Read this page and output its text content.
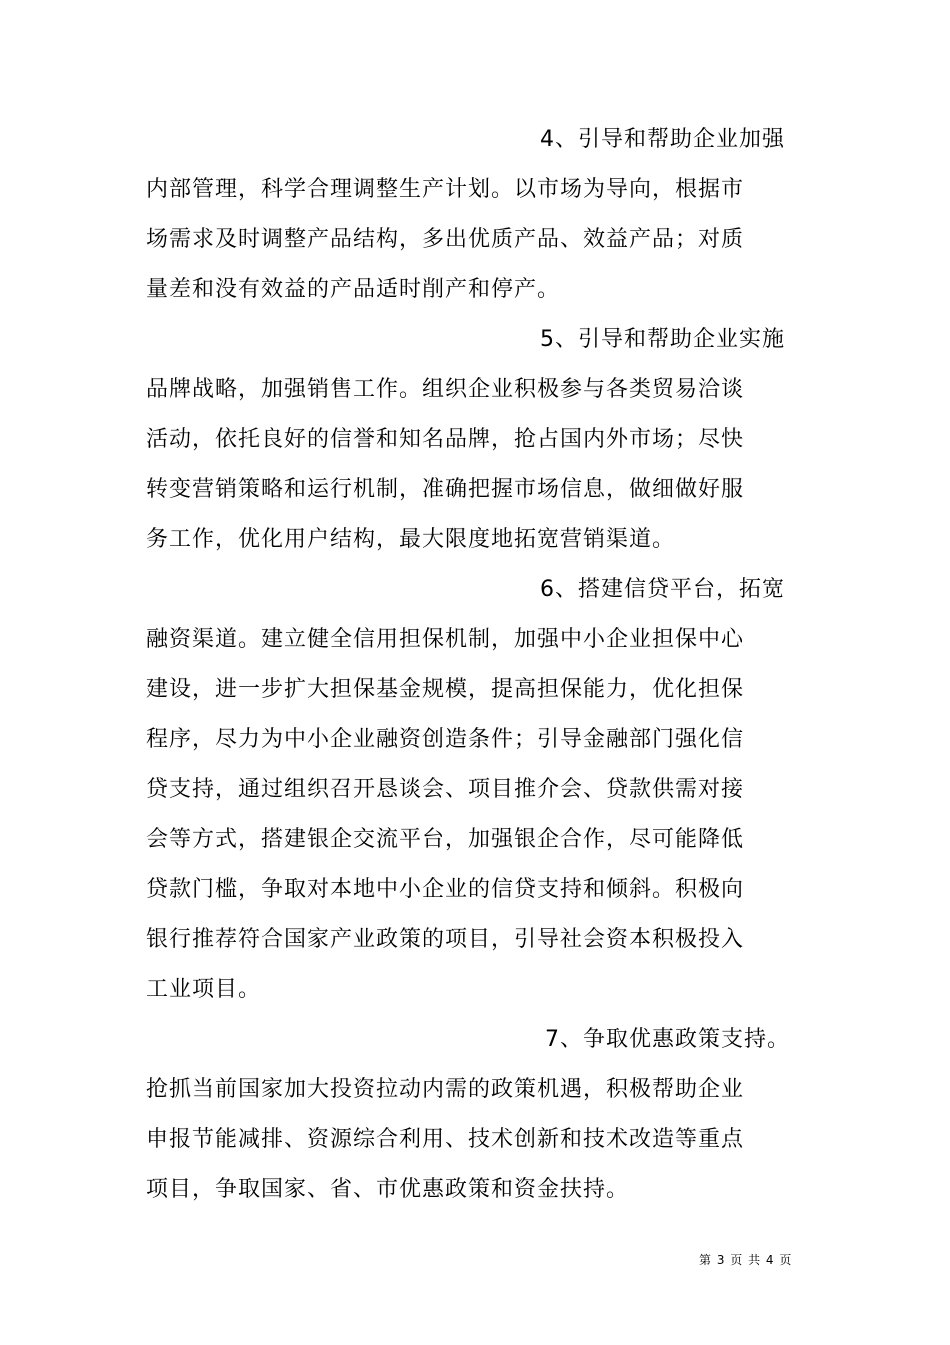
4、引导和帮助企业加强
内部管理，科学合理调整生产计划。以市场为导向，根据市
场需求及时调整产品结构，多出优质产品、效益产品；对质
量差和没有效益的产品适时削产和停产。
5、引导和帮助企业实施
品牌战略，加强销售工作。组织企业积极参与各类贸易洽谈
活动，依托良好的信誉和知名品牌，抢占国内外市场；尽快
转变营销策略和运行机制，准确把握市场信息，做细做好服
务工作，优化用户结构，最大限度地拓宽营销渠道。
6、搭建信贷平台，拓宽
融资渠道。建立健全信用担保机制，加强中小企业担保中心
建设，进一步扩大担保基金规模，提高担保能力，优化担保
程序，尽力为中小企业融资创造条件；引导金融部门强化信
贷支持，通过组织召开恳谈会、项目推介会、贷款供需对接
会等方式，搭建银企交流平台，加强银企合作，尽可能降低
贷款门槛，争取对本地中小企业的信贷支持和倾斜。积极向
银行推荐符合国家产业政策的项目，引导社会资本积极投入
工业项目。
7、争取优惠政策支持。
抢抓当前国家加大投资拉动内需的政策机遇，积极帮助企业
申报节能减排、资源综合利用、技术创新和技术改造等重点
项目，争取国家、省、市优惠政策和资金扶持。
第 3 页 共 4 页
